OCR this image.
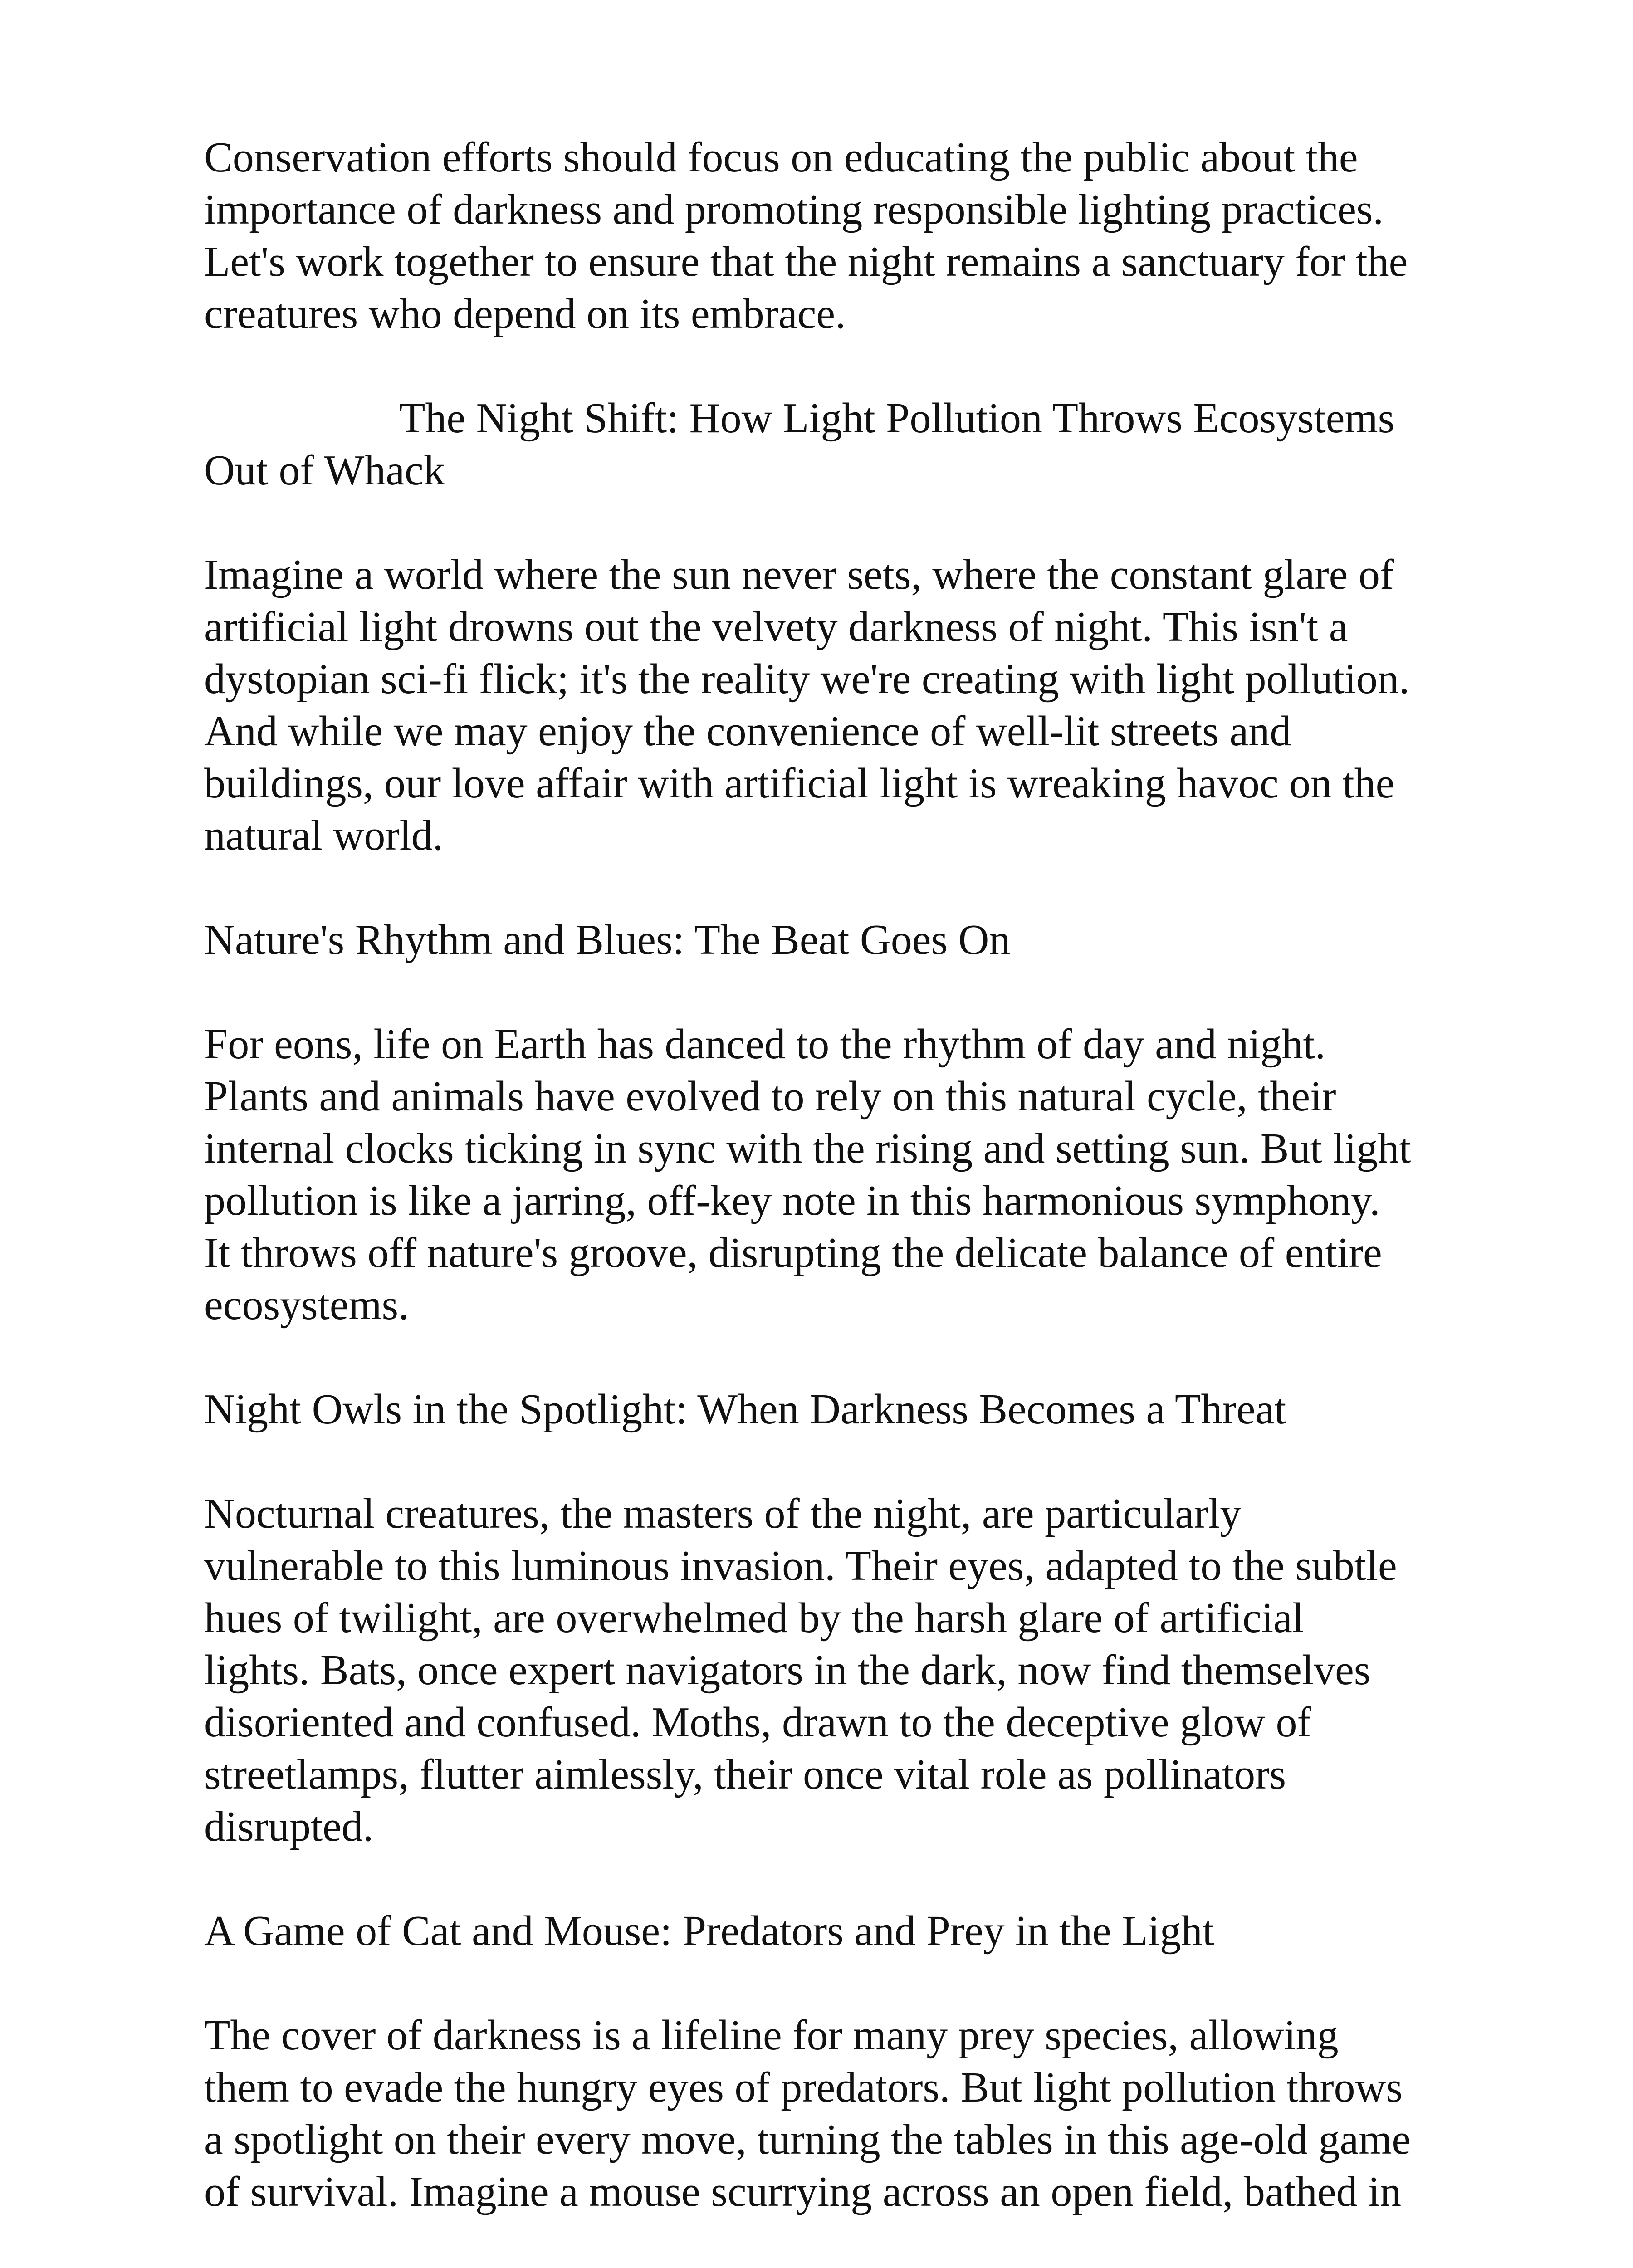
Conservation efforts should focus on educating the public about the
importance of darkness and promoting responsible lighting practices.
Let's work together to ensure that the night remains a sanctuary for the
creatures who depend on its embrace.
The Night Shift: How Light Pollution Throws Ecosystems
Out of Whack
Imagine a world where the sun never sets, where the constant glare of
artificial light drowns out the velvety darkness of night. This isn't a
dystopian sci-fi flick; it's the reality we're creating with light pollution.
And while we may enjoy the convenience of well-lit streets and
buildings, our love affair with artificial light is wreaking havoc on the
natural world.
Nature's Rhythm and Blues: The Beat Goes On
For eons, life on Earth has danced to the rhythm of day and night.
Plants and animals have evolved to rely on this natural cycle, their
internal clocks ticking in sync with the rising and setting sun. But light
pollution is like a jarring, off-key note in this harmonious symphony.
It throws off nature's groove, disrupting the delicate balance of entire
ecosystems.
Night Owls in the Spotlight: When Darkness Becomes a Threat
Nocturnal creatures, the masters of the night, are particularly
vulnerable to this luminous invasion. Their eyes, adapted to the subtle
hues of twilight, are overwhelmed by the harsh glare of artificial
lights. Bats, once expert navigators in the dark, now find themselves
disoriented and confused. Moths, drawn to the deceptive glow of
streetlamps, flutter aimlessly, their once vital role as pollinators
disrupted.
A Game of Cat and Mouse: Predators and Prey in the Light
The cover of darkness is a lifeline for many prey species, allowing
them to evade the hungry eyes of predators. But light pollution throws
a spotlight on their every move, turning the tables in this age-old game
of survival. Imagine a mouse scurrying across an open field, bathed in
